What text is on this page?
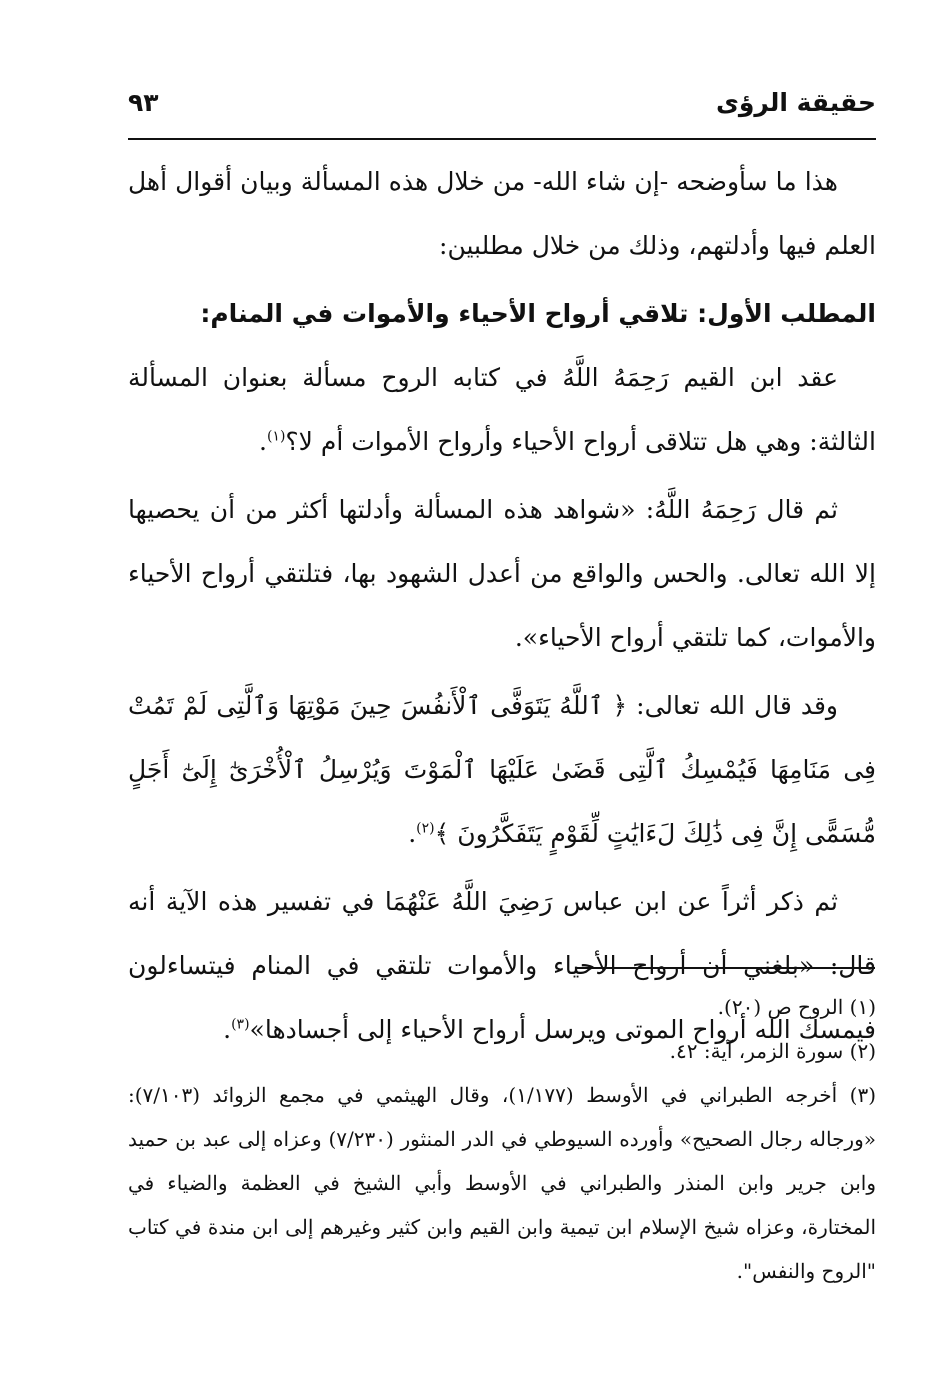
حقيقة الرؤى
٩٣

هذا ما سأوضحه -إن شاء الله- من خلال هذه المسألة وبيان أقوال أهل العلم فيها وأدلتهم، وذلك من خلال مطلبين:

المطلب الأول: تلاقي أرواح الأحياء والأموات في المنام:

عقد ابن القيم رَحِمَهُ اللَّهُ في كتابه الروح مسألة بعنوان المسألة الثالثة: وهي هل تتلاقى أرواح الأحياء وأرواح الأموات أم لا؟$^{(١)}$.

ثم قال رَحِمَهُ اللَّهُ: «شواهد هذه المسألة وأدلتها أكثر من أن يحصيها إلا الله تعالى. والحس والواقع من أعدل الشهود بها، فتلتقي أرواح الأحياء والأموات، كما تلتقي أرواح الأحياء».

وقد قال الله تعالى: ﴿ ٱللَّهُ يَتَوَفَّى ٱلْأَنفُسَ حِينَ مَوْتِهَا وَٱلَّتِى لَمْ تَمُتْ فِى مَنَامِهَا فَيُمْسِكُ ٱلَّتِى قَضَىٰ عَلَيْهَا ٱلْمَوْتَ وَيُرْسِلُ ٱلْأُخْرَىٰٓ إِلَىٰٓ أَجَلٍ مُّسَمًّى إِنَّ فِى ذَٰلِكَ لَءَايَٰتٍ لِّقَوْمٍ يَتَفَكَّرُونَ ﴾$^{(٢)}$.

ثم ذكر أثراً عن ابن عباس رَضِيَ اللَّهُ عَنْهُمَا في تفسير هذه الآية أنه قال: «بلغني أن أرواح الأحياء والأموات تلتقي في المنام فيتساءلون فيمسك الله أرواح الموتى ويرسل أرواح الأحياء إلى أجسادها»$^{(٣)}$.

(١) الروح ص (٢٠).

(٢) سورة الزمر، آية: ٤٢.

(٣) أخرجه الطبراني في الأوسط (١/١٧٧)، وقال الهيثمي في مجمع الزوائد (٧/١٠٣): «ورجاله رجال الصحيح» وأورده السيوطي في الدر المنثور (٧/٢٣٠) وعزاه إلى عبد بن حميد وابن جرير وابن المنذر والطبراني في الأوسط وأبي الشيخ في العظمة والضياء في المختارة، وعزاه شيخ الإسلام ابن تيمية وابن القيم وابن كثير وغيرهم إلى ابن مندة في كتاب "الروح والنفس".
